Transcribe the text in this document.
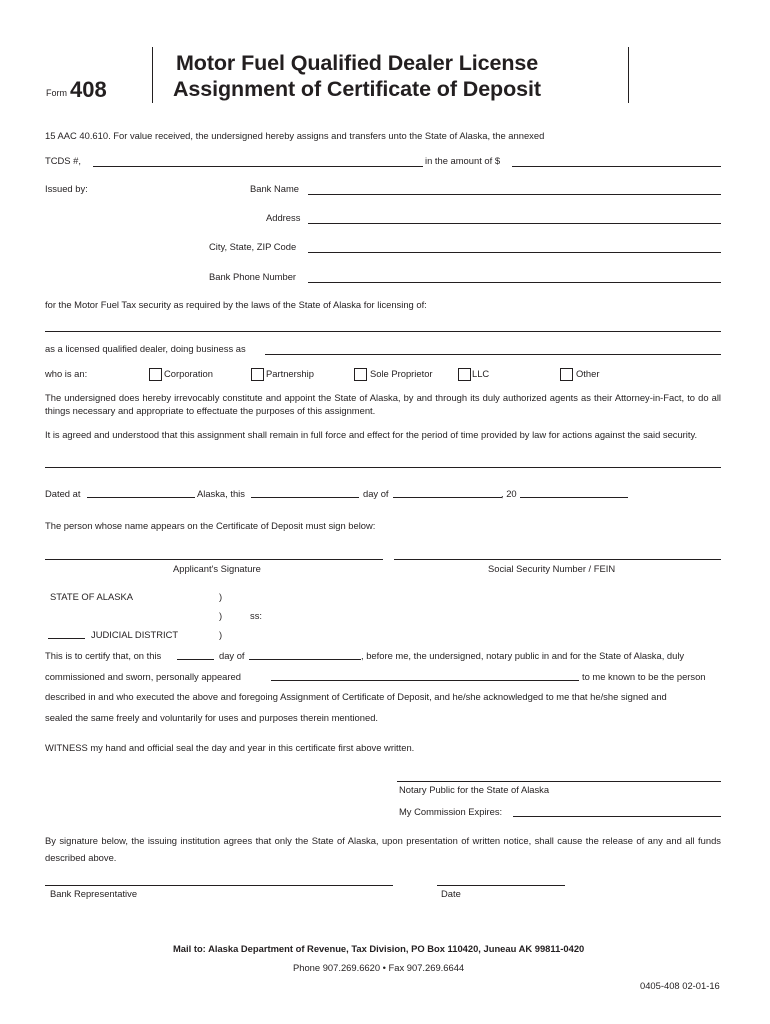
Form 408
Motor Fuel Qualified Dealer License
Assignment of Certificate of Deposit
15 AAC 40.610. For value received, the undersigned hereby assigns and transfers unto the State of Alaska, the annexed
TCDS #,	in the amount of $
Issued by:	Bank Name
Address
City, State, ZIP Code
Bank Phone Number
for the Motor Fuel Tax security as required by the laws of the State of Alaska for licensing of:
as a licensed qualified dealer, doing business as
who is an:	Corporation	Partnership	Sole Proprietor	LLC	Other
The undersigned does hereby irrevocably constitute and appoint the State of Alaska, by and through its duly authorized agents as their Attorney-in-Fact, to do all things necessary and appropriate to effectuate the purposes of this assignment.
It is agreed and understood that this assignment shall remain in full force and effect for the period of time provided by law for actions against the said security.
Dated at	Alaska, this	day of	, 20
The person whose name appears on the Certificate of Deposit must sign below:
Applicant's Signature	Social Security Number / FEIN
STATE OF ALASKA	)
)	ss:
JUDICIAL DISTRICT	)
This is to certify that, on this	day of	, before me, the undersigned, notary public in and for the State of Alaska, duly
commissioned and sworn, personally appeared	to me known to be the person
described in and who executed the above and foregoing Assignment of Certificate of Deposit, and he/she acknowledged to me that he/she signed and
sealed the same freely and voluntarily for uses and purposes therein mentioned.
WITNESS my hand and official seal the day and year in this certificate first above written.
Notary Public for the State of Alaska
My Commission Expires:
By signature below, the issuing institution agrees that only the State of Alaska, upon presentation of written notice, shall cause the release of any and all funds described above.
Bank Representative	Date
Mail to: Alaska Department of Revenue, Tax Division, PO Box 110420, Juneau AK 99811-0420
Phone 907.269.6620 • Fax 907.269.6644
0405-408 02-01-16
